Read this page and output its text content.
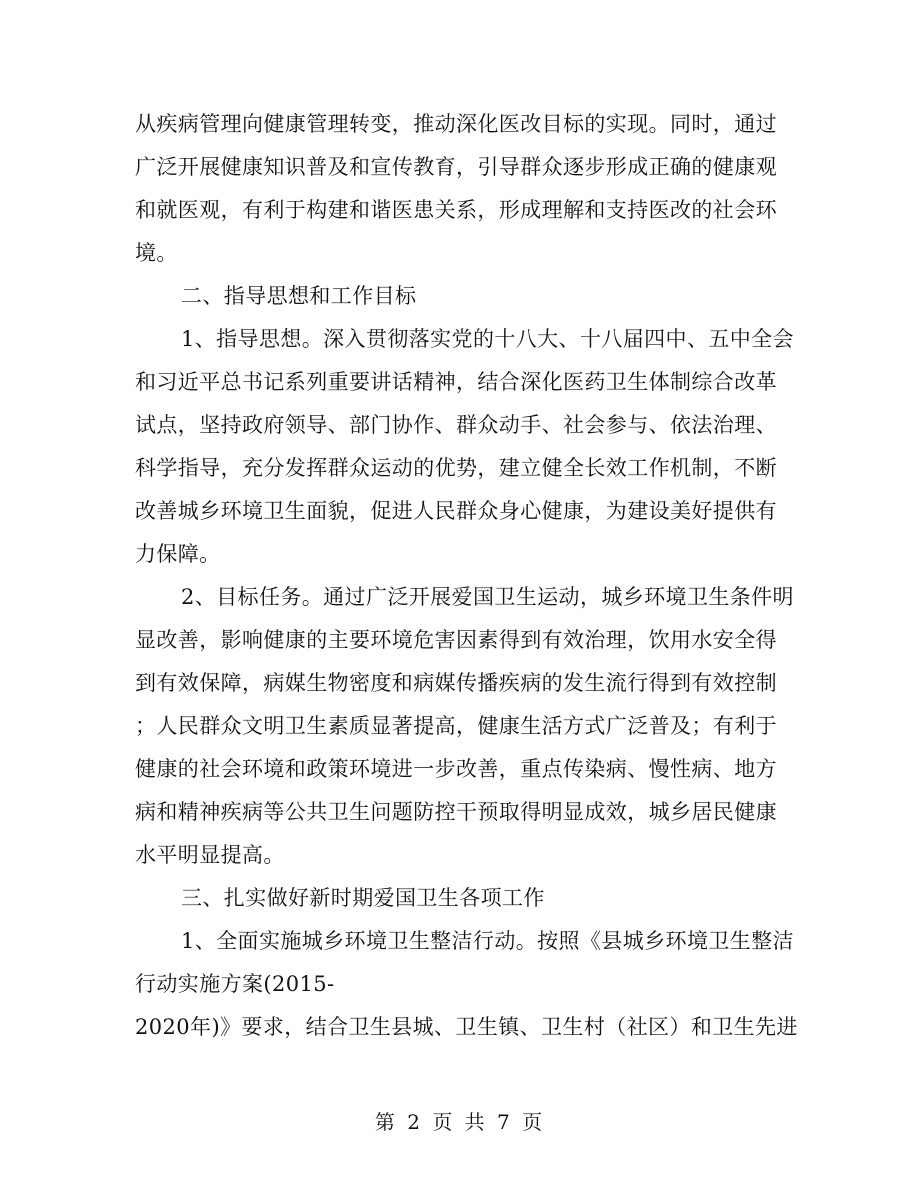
从疾病管理向健康管理转变，推动深化医改目标的实现。同时，通过
广泛开展健康知识普及和宣传教育，引导群众逐步形成正确的健康观
和就医观，有利于构建和谐医患关系，形成理解和支持医改的社会环
境。
二、指导思想和工作目标
1、指导思想。深入贯彻落实党的十八大、十八届四中、五中全会
和习近平总书记系列重要讲话精神，结合深化医药卫生体制综合改革
试点，坚持政府领导、部门协作、群众动手、社会参与、依法治理、
科学指导，充分发挥群众运动的优势，建立健全长效工作机制，不断
改善城乡环境卫生面貌，促进人民群众身心健康，为建设美好提供有
力保障。
2、目标任务。通过广泛开展爱国卫生运动，城乡环境卫生条件明
显改善，影响健康的主要环境危害因素得到有效治理，饮用水安全得
到有效保障，病媒生物密度和病媒传播疾病的发生流行得到有效控制
；人民群众文明卫生素质显著提高，健康生活方式广泛普及；有利于
健康的社会环境和政策环境进一步改善，重点传染病、慢性病、地方
病和精神疾病等公共卫生问题防控干预取得明显成效，城乡居民健康
水平明显提高。
三、扎实做好新时期爱国卫生各项工作
1、全面实施城乡环境卫生整洁行动。按照《县城乡环境卫生整洁
行动实施方案(2015-
2020年)》要求，结合卫生县城、卫生镇、卫生村（社区）和卫生先进
第 2 页 共 7 页
